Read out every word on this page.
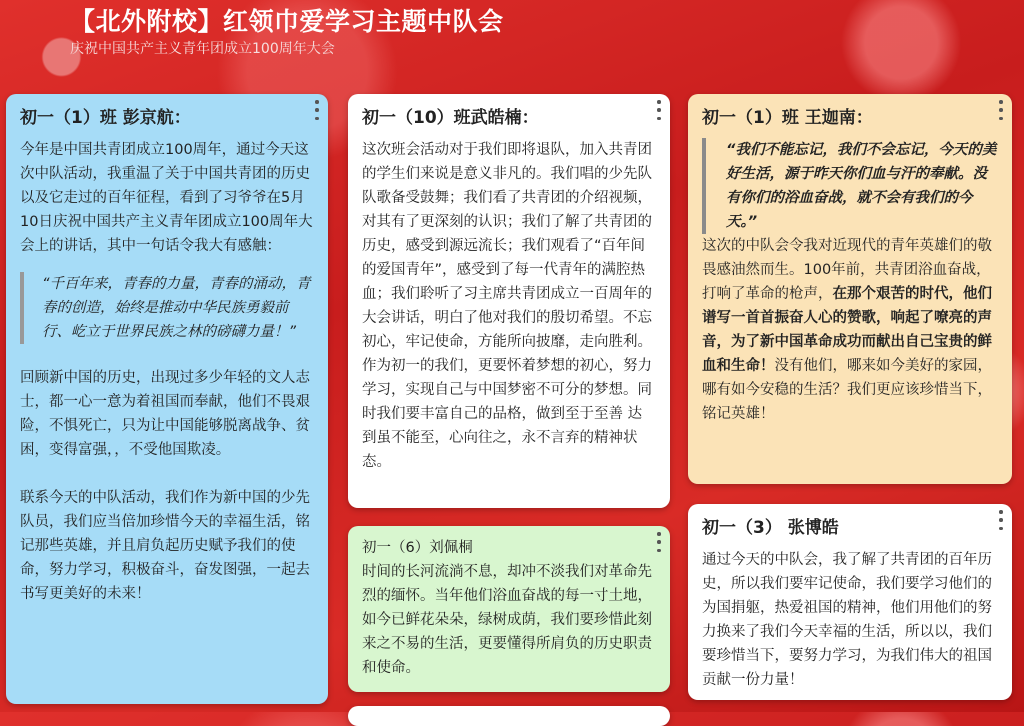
【北外附校】红领巾爱学习主题中队会
庆祝中国共产主义青年团成立100周年大会
初一（1）班 彭京航：

今年是中国共青团成立100周年，通过今天这次中队活动，我重温了关于中国共青团的历史以及它走过的百年征程，看到了习爷爷在5月10日庆祝中国共产主义青年团成立100周年大会上的讲话，其中一句话令我大有感触：

“千百年来，青春的力量，青春的涌动，青春的创造，始终是推动中华民族勇毅前行、屹立于世界民族之林的磅礴力量！”

回顾新中国的历史，出现过多少年轻的文人志士，都一心一意为着祖国而奉献，他们不畏艰险，不惧死亡，只为让中国能够脱离战争、贫困，变得富强，，不受他国欺凌。

联系今天的中队活动，我们作为新中国的少先队员，我们应当倍加珍惜今天的幸福生活，铭记那些英雄，并且肩负起历史赋予我们的使命，努力学习，积极奋斗，奋发图强，一起去书写更美好的未来！

初一（10）班武皓楠：

这次班会活动对于我们即将退队，加入共青团的学生们来说是意义非凡的。我们唱的少先队队歌备受鼓舞；我们看了共青团的介绍视频，对其有了更深刻的认识；我们了解了共青团的历史，感受到源远流长；我们观看了“百年间的爱国青年”，感受到了每一代青年的满腔热血；我们聆听了习主席共青团成立一百周年的大会讲话，明白了他对我们的殷切希望。不忘初心，牢记使命，方能所向披靡，走向胜利。作为初一的我们，更要怀着梦想的初心，努力学习，实现自己与中国梦密不可分的梦想。同时我们要丰富自己的品格，做到至于至善 达到虽不能至，心向往之，永不言弃的精神状态。

初一（6）刘佩桐

时间的长河流淌不息，却冲不淡我们对革命先烈的缅怀。当年他们浴血奋战的每一寸土地，如今已鲜花朵朵，绿树成荫，我们要珍惜此刻来之不易的生活，更要懂得所肩负的历史职责和使命。

初一（1）班 王迦南：
“我们不能忘记，我们不会忘记，今天的美好生活，源于昨天你们血与汗的奉献。没有你们的浴血奋战，就不会有我们的今天。”

这次的中队会令我对近现代的青年英雄们的敬畏感油然而生。100年前，共青团浴血奋战，打响了革命的枪声，在那个艰苦的时代，他们谱写一首首振奋人心的赞歌，响起了嘹亮的声音，为了新中国革命成功而献出自己宝贵的鲜血和生命！没有他们，哪来如今美好的家园，哪有如今安稳的生活？我们更应该珍惜当下，铭记英雄！

初一（3） 张博皓

通过今天的中队会，我了解了共青团的百年历史，所以我们要牢记使命，我们要学习他们的为国捐躯，热爱祖国的精神，他们用他们的努力换来了我们今天幸福的生活，所以以，我们要珍惜当下，要努力学习，为我们伟大的祖国贡献一份力量！
